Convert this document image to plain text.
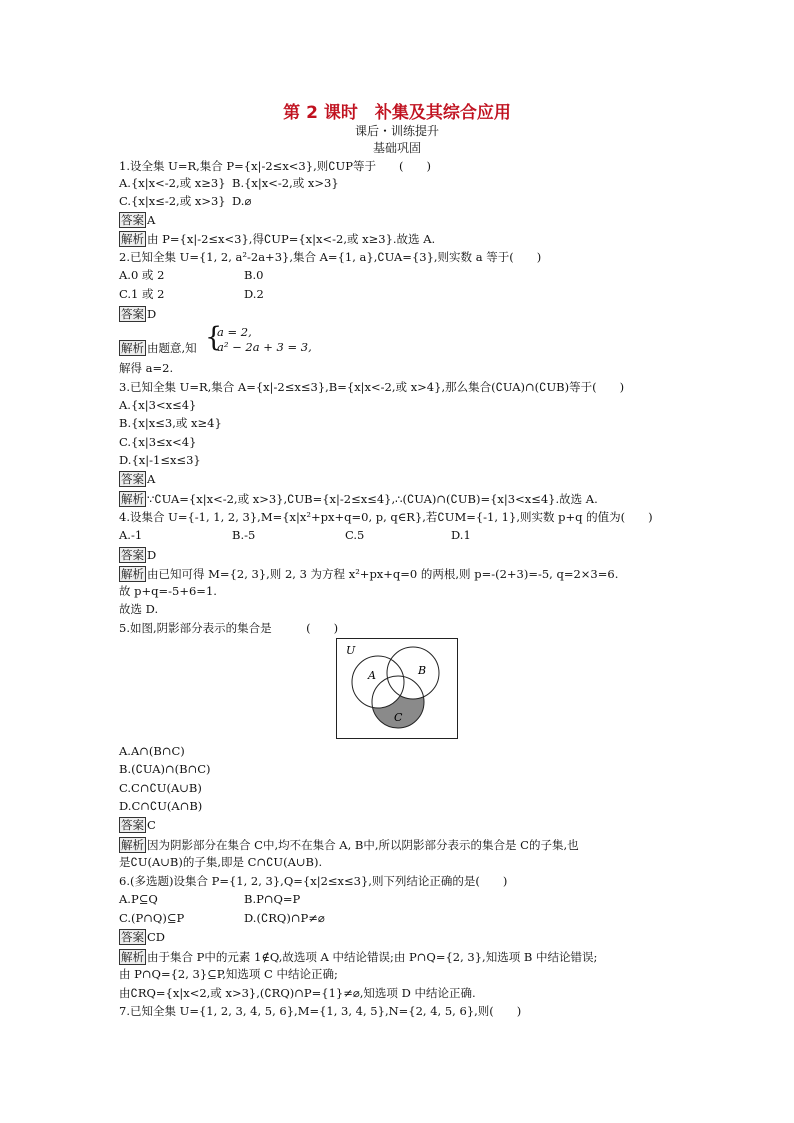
第 2 课时　补集及其综合应用
课后・训练提升
基础巩固
1.设全集 U=R,集合 P={x|-2≤x<3},则∁UP等于　　(　　)
A.{x|x<-2,或 x≥3} B.{x|x<-2,或 x>3}
C.{x|x≤-2,或 x>3} D.⌀
答案 A
解析 由 P={x|-2≤x<3},得∁UP={x|x<-2,或 x≥3}.故选 A.
2.已知全集 U={1, 2, a²-2a+3},集合 A={1, a},∁UA={3},则实数 a 等于(　　)
A.0 或 2	B.0
C.1 或 2	D.2
答案 D
解析 由题意,知 {
a = 2,
a² − 2a + 3 = 3,
解得 a=2.
3.已知全集 U=R,集合 A={x|-2≤x≤3},B={x|x<-2,或 x>4},那么集合(∁UA)∩(∁UB)等于(　　)
A.{x|3<x≤4}
B.{x|x≤3,或 x≥4}
C.{x|3≤x<4}
D.{x|-1≤x≤3}
答案 A
解析 ∵∁UA={x|x<-2,或 x>3},∁UB={x|-2≤x≤4},∴(∁UA)∩(∁UB)={x|3<x≤4}.故选 A.
4.设集合 U={-1, 1, 2, 3},M={x|x²+px+q=0, p, q∈R},若∁UM={-1, 1},则实数 p+q 的值为(　　)
A.-1	B.-5	C.5	D.1
答案 D
解析 由已知可得 M={2, 3},则 2, 3 为方程 x²+px+q=0 的两根,则 p=-(2+3)=-5, q=2×3=6.
故 p+q=-5+6=1.
故选 D.
5.如图,阴影部分表示的集合是　　　(　　)
U
A	B
C
A.A∩(B∩C)
B.(∁UA)∩(B∩C)
C.C∩∁U(A∪B)
D.C∩∁U(A∩B)
答案 C
解析 因为阴影部分在集合 C中,均不在集合 A, B中,所以阴影部分表示的集合是 C的子集,也
是∁U(A∪B)的子集,即是 C∩∁U(A∪B).
6.(多选题)设集合 P={1, 2, 3},Q={x|2≤x≤3},则下列结论正确的是(　　)
A.P⊆Q	B.P∩Q=P
C.(P∩Q)⊆P	D.(∁RQ)∩P≠⌀
答案 CD
解析 由于集合 P中的元素 1∉Q,故选项 A 中结论错误;由 P∩Q={2, 3},知选项 B 中结论错误;
由 P∩Q={2, 3}⊆P,知选项 C 中结论正确;
由∁RQ={x|x<2,或 x>3},(∁RQ)∩P={1}≠⌀,知选项 D 中结论正确.
7.已知全集 U={1, 2, 3, 4, 5, 6},M={1, 3, 4, 5},N={2, 4, 5, 6},则(　　)
